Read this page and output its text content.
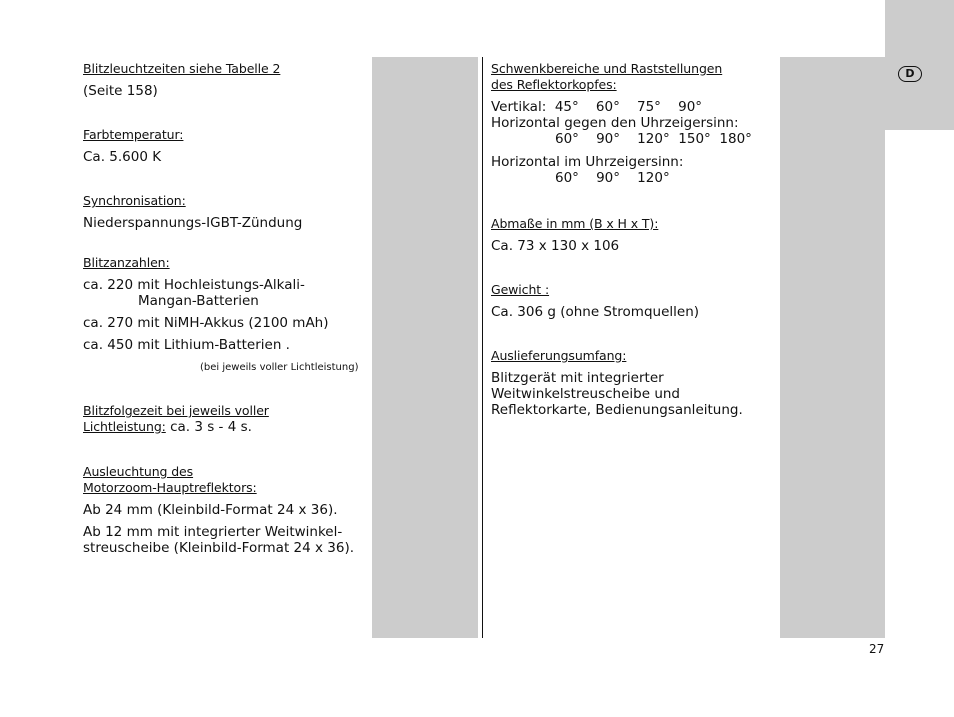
D
Blitzleuchtzeiten siehe Tabelle 2
(Seite 158)
Farbtemperatur:
Ca. 5.600 K
Synchronisation:
Niederspannungs-IGBT-Zündung
Blitzanzahlen:
ca. 220 mit Hochleistungs-Alkali-
Mangan-Batterien
ca. 270 mit NiMH-Akkus (2100 mAh)
ca. 450 mit Lithium-Batterien .
(bei jeweils voller Lichtleistung)
Blitzfolgezeit bei jeweils voller
Lichtleistung: ca. 3 s - 4 s.
Ausleuchtung des
Motorzoom-Hauptreflektors:
Ab 24 mm (Kleinbild-Format 24 x 36).
Ab 12 mm mit integrierter Weitwinkel-
streuscheibe (Kleinbild-Format 24 x 36).
Schwenkbereiche und Raststellungen
des Reflektorkopfes:
Vertikal:  45°    60°    75°    90°
Horizontal gegen den Uhrzeigersinn:
60°    90°    120°  150°  180°
Horizontal im Uhrzeigersinn:
60°    90°    120°
Abmaße in mm (B x H x T):
Ca. 73 x 130 x 106
Gewicht :
Ca. 306 g (ohne Stromquellen)
Auslieferungsumfang:
Blitzgerät mit integrierter
Weitwinkelstreuscheibe und
Reflektorkarte, Bedienungsanleitung.
27
